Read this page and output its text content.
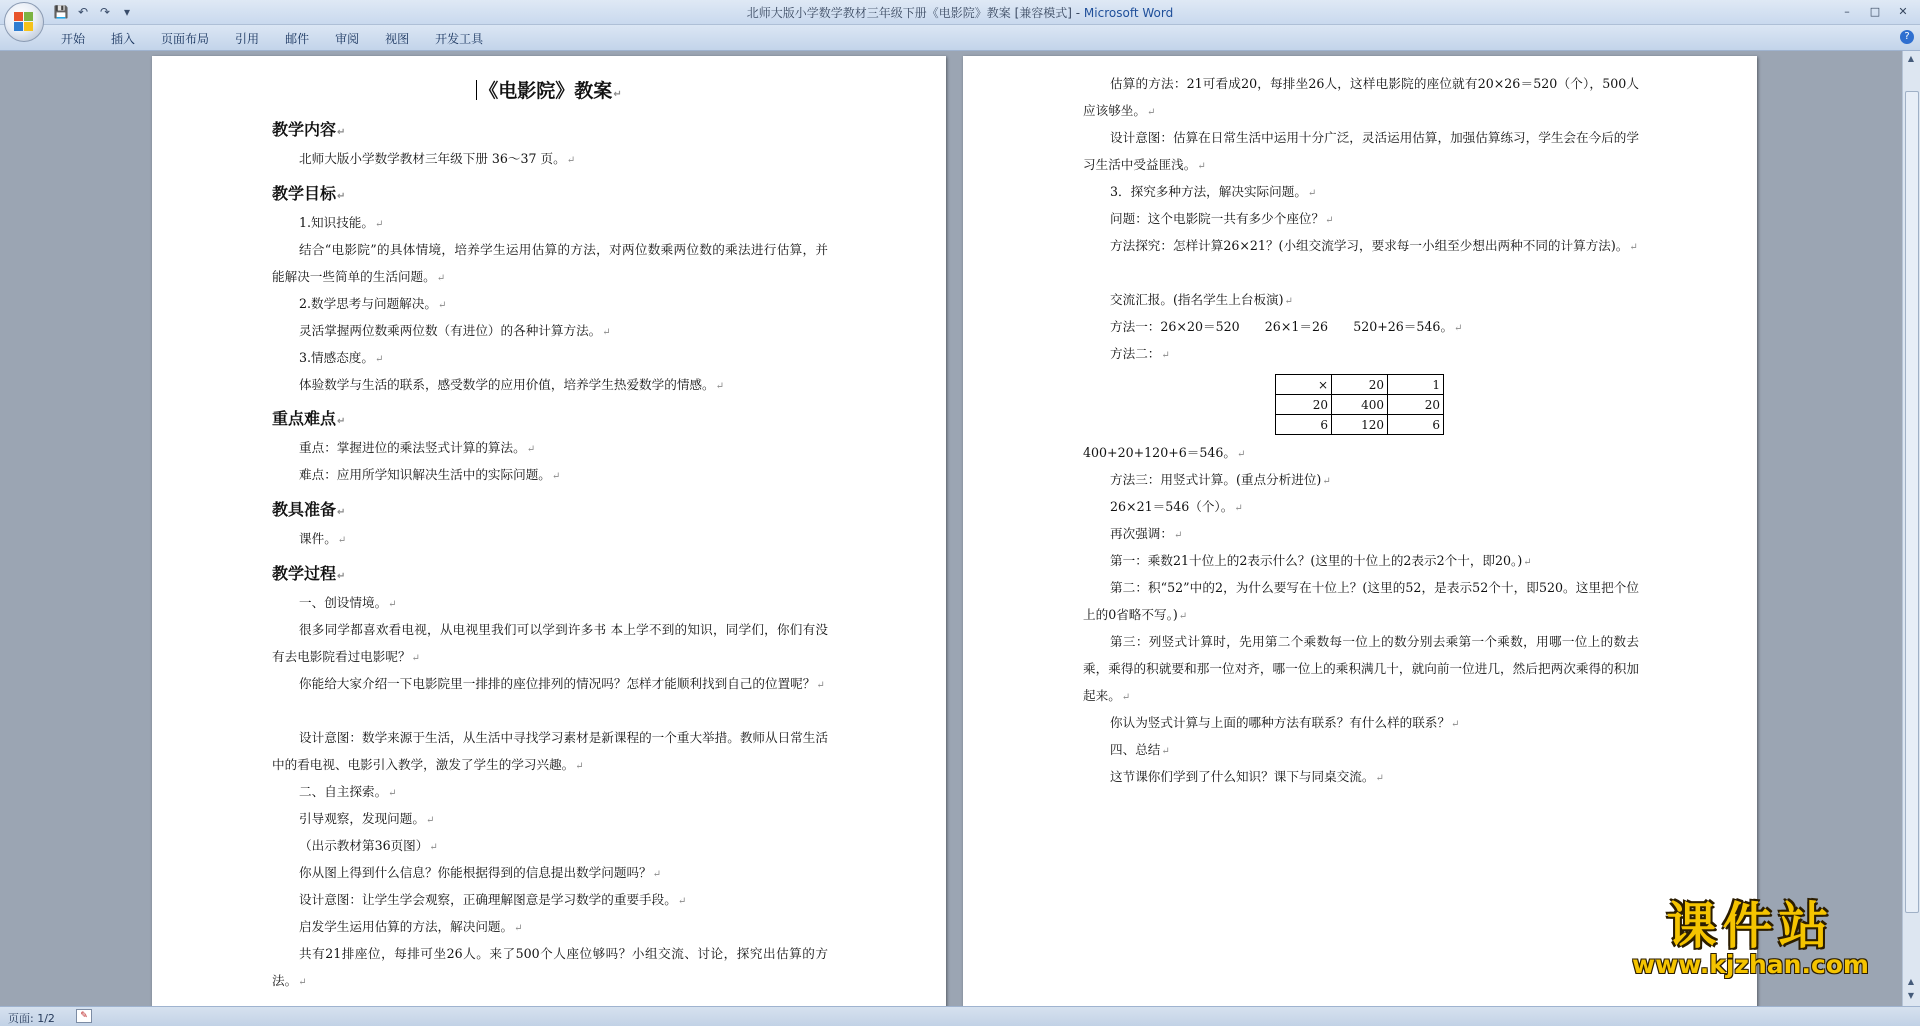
💾 ↶ ↷	▾	北师大版小学数学教材三年级下册《电影院》教案 [兼容模式] - Microsoft Word	–	□	✕
开始	插入	页面布局	引用	邮件	审阅	视图	开发工具	?
《电影院》教案↵
教学内容↵
北师大版小学数学教材三年级下册 36～37 页。↵
教学目标↵
1.知识技能。↵
结合“电影院”的具体情境，培养学生运用估算的方法，对两位数乘两位数的乘法进行估算，并能解决一些简单的生活问题。↵
2.数学思考与问题解决。↵
灵活掌握两位数乘两位数（有进位）的各种计算方法。↵
3.情感态度。↵
体验数学与生活的联系，感受数学的应用价值，培养学生热爱数学的情感。↵
重点难点↵
重点：掌握进位的乘法竖式计算的算法。↵
难点：应用所学知识解决生活中的实际问题。↵
教具准备↵
课件。↵
教学过程↵
一、创设情境。↵
很多同学都喜欢看电视，从电视里我们可以学到许多书 本上学不到的知识，同学们，你们有没有去电影院看过电影呢？↵
你能给大家介绍一下电影院里一排排的座位排列的情况吗？怎样才能顺利找到自己的位置呢？↵
设计意图：数学来源于生活，从生活中寻找学习素材是新课程的一个重大举措。教师从日常生活中的看电视、电影引入教学，激发了学生的学习兴趣。↵
二、自主探索。↵
引导观察，发现问题。↵
（出示教材第36页图）↵
你从图上得到什么信息？你能根据得到的信息提出数学问题吗？↵
设计意图：让学生学会观察，正确理解图意是学习数学的重要手段。↵
启发学生运用估算的方法，解决问题。↵
共有21排座位，每排可坐26人。来了500个人座位够吗？小组交流、讨论，探究出估算的方法。↵
估算的方法：21可看成20，每排坐26人，这样电影院的座位就有20×26＝520（个），500人应该够坐。↵
设计意图：估算在日常生活中运用十分广泛，灵活运用估算，加强估算练习，学生会在今后的学习生活中受益匪浅。↵
3．探究多种方法，解决实际问题。↵
问题：这个电影院一共有多少个座位？↵
方法探究：怎样计算26×21？(小组交流学习，要求每一小组至少想出两种不同的计算方法)。↵
交流汇报。(指名学生上台板演)↵
方法一：26×20＝520　　26×1＝26　　520+26＝546。↵
方法二：↵
×	20	1
20	400	20
6	120	6
400+20+120+6＝546。↵
方法三：用竖式计算。(重点分析进位)↵
26×21＝546（个）。↵
再次强调：↵
第一：乘数21十位上的2表示什么？(这里的十位上的2表示2个十，即20。)↵
第二：积“52”中的2，为什么要写在十位上？(这里的52，是表示52个十，即520。这里把个位上的0省略不写。)↵
第三：列竖式计算时，先用第二个乘数每一位上的数分别去乘第一个乘数，用哪一位上的数去乘，乘得的积就要和那一位对齐，哪一位上的乘积满几十，就向前一位进几，然后把两次乘得的积加起来。↵
你认为竖式计算与上面的哪种方法有联系？有什么样的联系？↵
四、总结↵
这节课你们学到了什么知识？课下与同桌交流。↵
课件站
www.kjzhan.com
▲
▲
▼
页面: 1/2	✎
